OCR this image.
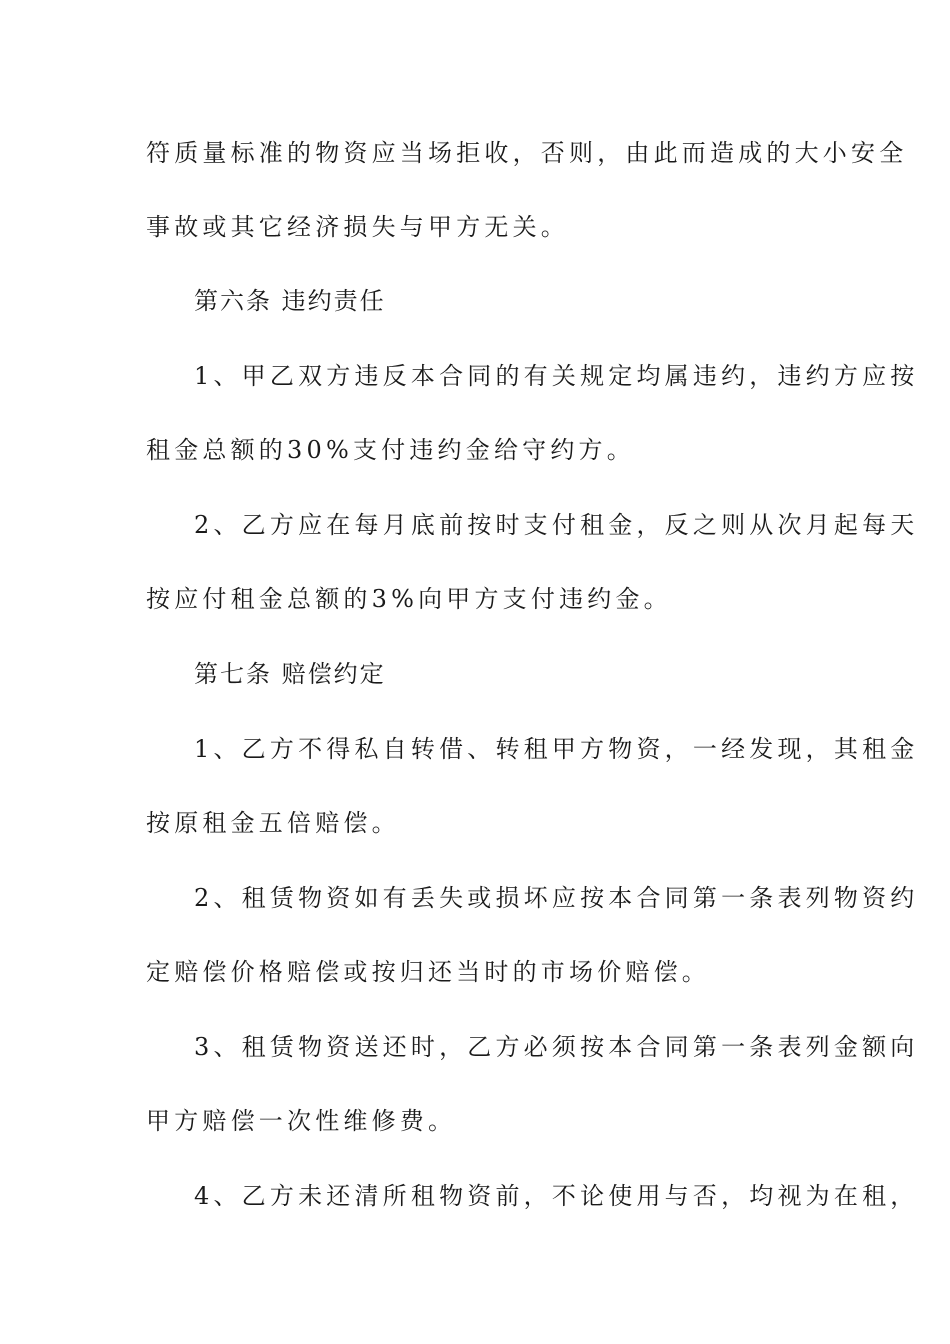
符质量标准的物资应当场拒收，否则，由此而造成的大小安全
事故或其它经济损失与甲方无关。
第六条 违约责任
1、甲乙双方违反本合同的有关规定均属违约，违约方应按
租金总额的30%支付违约金给守约方。
2、乙方应在每月底前按时支付租金，反之则从次月起每天
按应付租金总额的3%向甲方支付违约金。
第七条 赔偿约定
1、乙方不得私自转借、转租甲方物资，一经发现，其租金
按原租金五倍赔偿。
2、租赁物资如有丢失或损坏应按本合同第一条表列物资约
定赔偿价格赔偿或按归还当时的市场价赔偿。
3、租赁物资送还时，乙方必须按本合同第一条表列金额向
甲方赔偿一次性维修费。
4、乙方未还清所租物资前，不论使用与否，均视为在租，
